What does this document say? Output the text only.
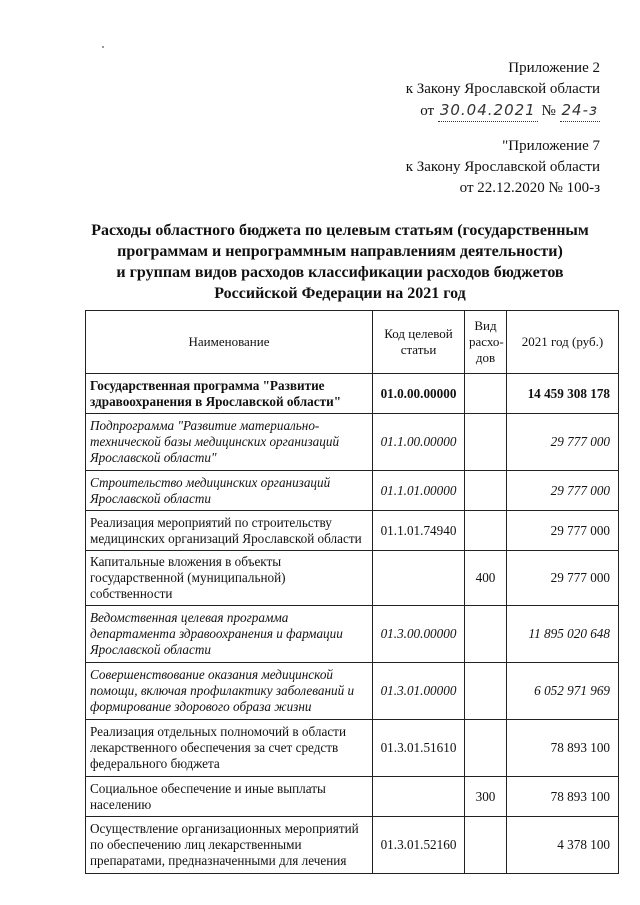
Приложение 2
к Закону Ярославской области
от 30.04.2021 № 24-з
"Приложение 7
к Закону Ярославской области
от 22.12.2020 № 100-з
Расходы областного бюджета по целевым статьям (государственным
программам и непрограммным направлениям деятельности)
и группам видов расходов классификации расходов бюджетов
Российской Федерации на 2021 год
Наименование	Код целевой статьи	Вид расхо-дов	2021 год (руб.)
Государственная программа "Развитие здравоохранения в Ярославской области"	01.0.00.00000		14 459 308 178
Подпрограмма "Развитие материально-технической базы медицинских организаций Ярославской области"	01.1.00.00000		29 777 000
Строительство медицинских организаций Ярославской области	01.1.01.00000		29 777 000
Реализация мероприятий по строительству медицинских организаций Ярославской области	01.1.01.74940		29 777 000
Капитальные вложения в объекты государственной (муниципальной) собственности		400	29 777 000
Ведомственная целевая программа департамента здравоохранения и фармации Ярославской области	01.3.00.00000		11 895 020 648
Совершенствование оказания медицинской помощи, включая профилактику заболеваний и формирование здорового образа жизни	01.3.01.00000		6 052 971 969
Реализация отдельных полномочий в области лекарственного обеспечения за счет средств федерального бюджета	01.3.01.51610		78 893 100
Социальное обеспечение и иные выплаты населению		300	78 893 100
Осуществление организационных мероприятий по обеспечению лиц лекарственными препаратами, предназначенными для лечения	01.3.01.52160		4 378 100
